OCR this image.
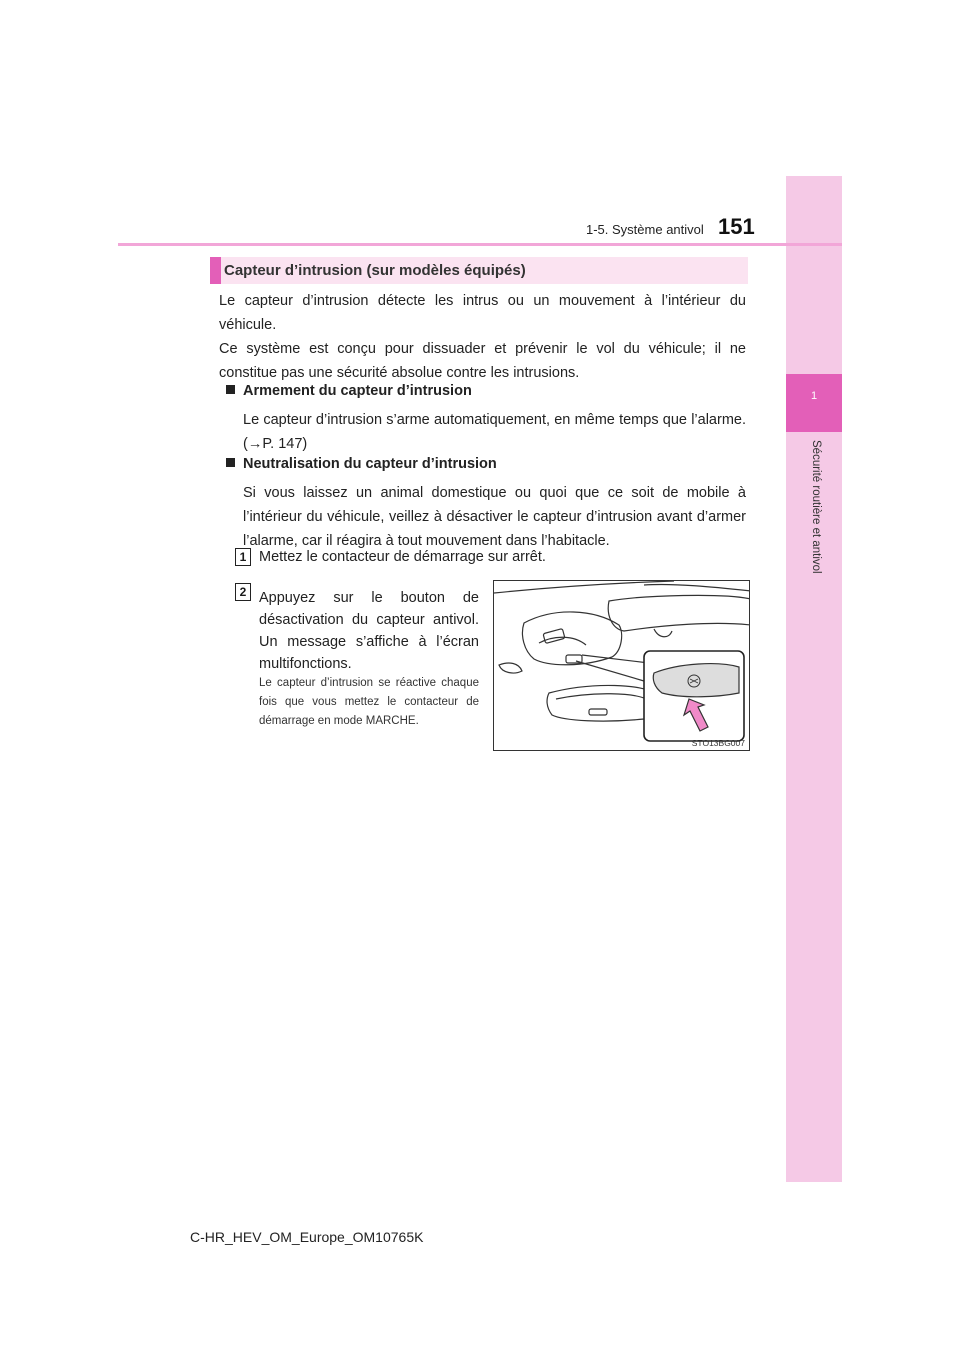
1
Sécurité routière et antivol
1-5. Système antivol 151
Capteur d’intrusion (sur modèles équipés)
Le capteur d’intrusion détecte les intrus ou un mouvement à l’intérieur du véhicule.
Ce système est conçu pour dissuader et prévenir le vol du véhicule; il ne constitue pas une sécurité absolue contre les intrusions.
Armement du capteur d’intrusion
Le capteur d’intrusion s’arme automatiquement, en même temps que l’alarme. (→P. 147)
Neutralisation du capteur d’intrusion
Si vous laissez un animal domestique ou quoi que ce soit de mobile à l’intérieur du véhicule, veillez à désactiver le capteur d’intrusion avant d’armer l’alarme, car il réagira à tout mouvement dans l’habitacle.
1 Mettez le contacteur de démarrage sur arrêt.
2 Appuyez sur le bouton de désactivation du capteur antivol. Un message s’affiche à l’écran multifonctions.
Le capteur d’intrusion se réactive chaque fois que vous mettez le contacteur de démarrage en mode MARCHE.
STO13BG007
C-HR_HEV_OM_Europe_OM10765K
